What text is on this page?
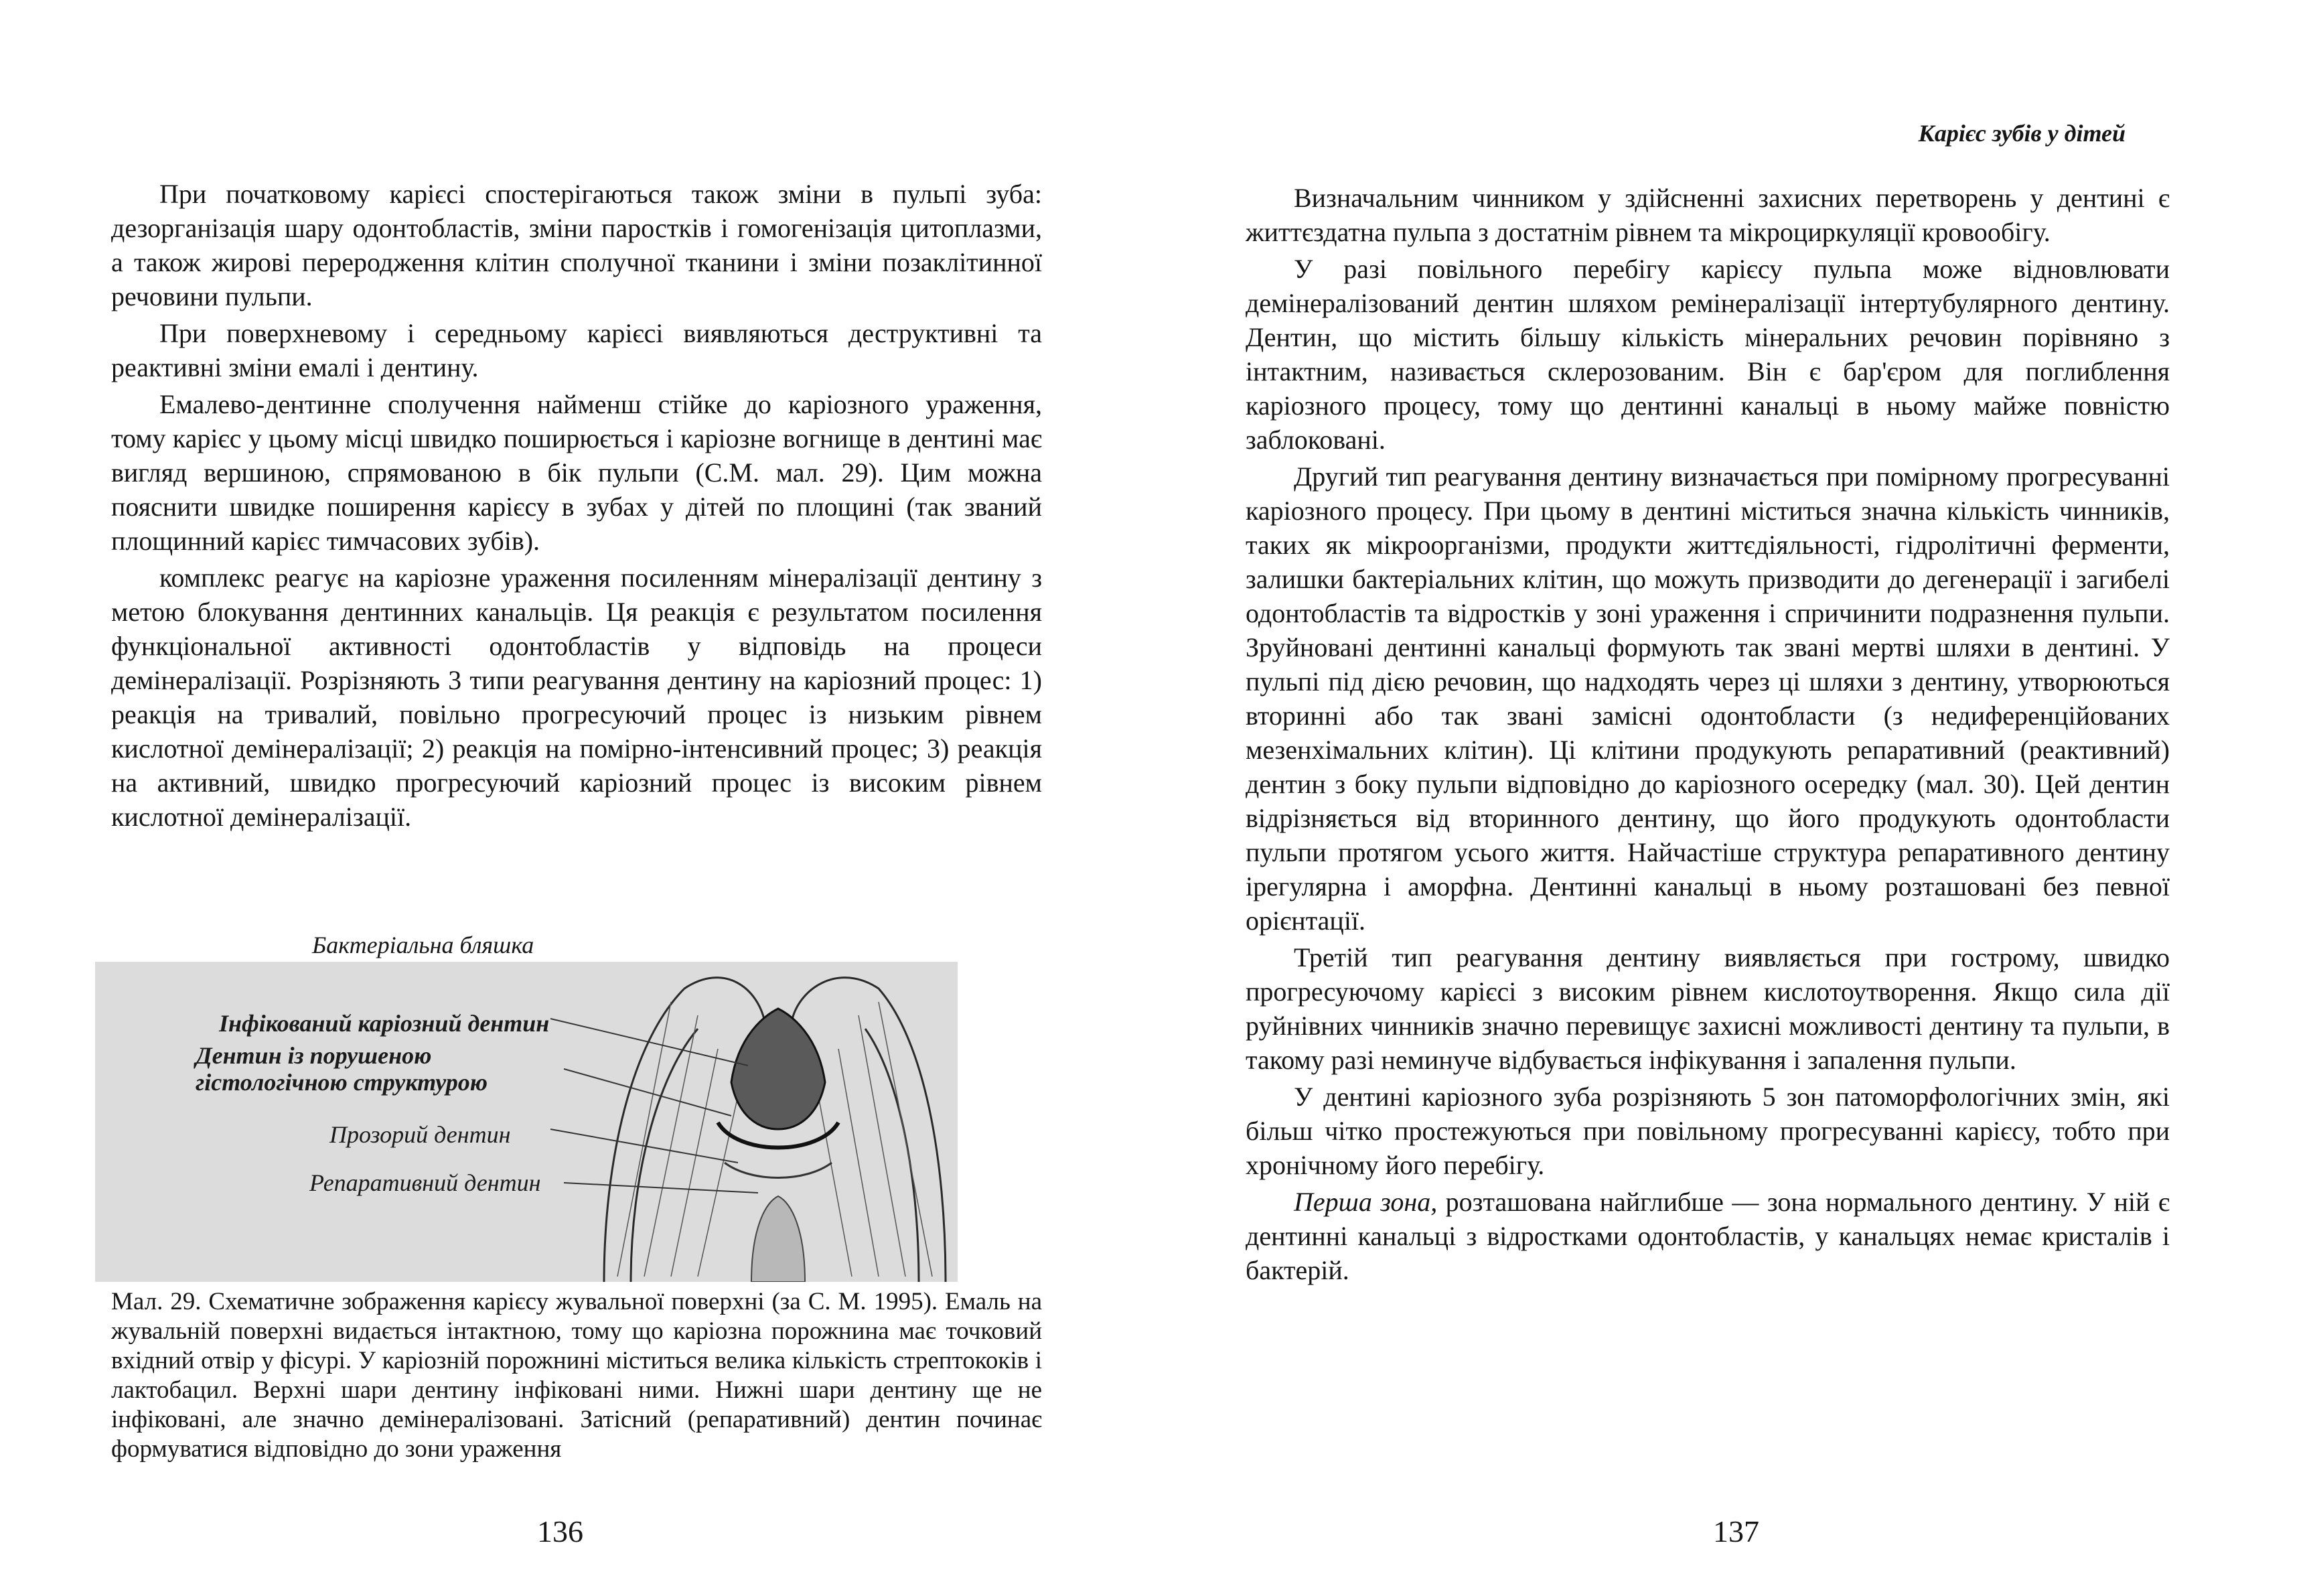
При початковому карієсі спостерігаються також зміни в пульпі зуба: дезорганізація шару одонтобластів, зміни паростків і гомогенізація цитоплазми, а також жирові переродження клітин сполучної тканини і зміни позаклітинної речовини пульпи.

При поверхневому і середньому карієсі виявляються деструктивні та реактивні зміни емалі і дентину.

Емалево-дентинне сполучення найменш стійке до каріозного ураження, тому карієс у цьому місці швидко поширюється і каріозне вогнище в дентині має вигляд вершиною, спрямованою в бік пульпи (С.М. мал. 29). Цим можна пояснити швидке поширення карієсу в зубах у дітей по площині (так званий площинний карієс тимчасових зубів).

комплекс реагує на каріозне ураження посиленням мінералізації дентину з метою блокування дентинних канальців. Ця реакція є результатом посилення функціональної активності одонтобластів у відповідь на процеси демінералізації. Розрізняють 3 типи реагування дентину на каріозний процес: 1) реакція на тривалий, повільно прогресуючий процес із низьким рівнем кислотної демінералізації; 2) реакція на помірно-інтенсивний процес; 3) реакція на активний, швидко прогресуючий каріозний процес із високим рівнем кислотної демінералізації.

Бактеріальна бляшка
Інфікований каріозний дентин
Дентин із порушеною гістологічною структурою
Прозорий дентин
Репаративний дентин
Мал. 29. Схематичне зображення карієсу жувальної поверхні (за С. М. 1995). Емаль на жувальній поверхні видається інтактною, тому що каріозна порожнина має точковий вхідний отвір у фісурі. У каріозній порожнині міститься велика кількість стрептококів і лактобацил. Верхні шари дентину інфіковані ними. Нижні шари дентину ще не інфіковані, але значно демінералізовані. Затісний (репаративний) дентин починає формуватися відповідно до зони ураження
136
Карієс зубів у дітей

Визначальним чинником у здійсненні захисних перетворень у дентині є життєздатна пульпа з достатнім рівнем та мікроциркуляції кровообігу.

У разі повільного перебігу карієсу пульпа може відновлювати демінералізований дентин шляхом ремінералізації інтертубулярного дентину. Дентин, що містить більшу кількість мінеральних речовин порівняно з інтактним, називається склерозованим. Він є бар'єром для поглиблення каріозного процесу, тому що дентинні канальці в ньому майже повністю заблоковані.

Другий тип реагування дентину визначається при помірному прогресуванні каріозного процесу. При цьому в дентині міститься значна кількість чинників, таких як мікроорганізми, продукти життєдіяльності, гідролітичні ферменти, залишки бактеріальних клітин, що можуть призводити до дегенерації і загибелі одонтобластів та відростків у зоні ураження і спричинити подразнення пульпи. Зруйновані дентинні канальці формують так звані мертві шляхи в дентині. У пульпі під дією речовин, що надходять через ці шляхи з дентину, утворюються вторинні або так звані замісні одонтобласти (з недиференційованих мезенхімальних клітин). Ці клітини продукують репаративний (реактивний) дентин з боку пульпи відповідно до каріозного осередку (мал. 30). Цей дентин відрізняється від вторинного дентину, що його продукують одонтобласти пульпи протягом усього життя. Найчастіше структура репаративного дентину ірегулярна і аморфна. Дентинні канальці в ньому розташовані без певної орієнтації.

Третій тип реагування дентину виявляється при гострому, швидко прогресуючому карієсі з високим рівнем кислотоутворення. Якщо сила дії руйнівних чинників значно перевищує захисні можливості дентину та пульпи, в такому разі неминуче відбувається інфікування і запалення пульпи.

У дентині каріозного зуба розрізняють 5 зон патоморфологічних змін, які більш чітко простежуються при повільному прогресуванні карієсу, тобто при хронічному його перебігу.

Перша зона, розташована найглибше — зона нормального дентину. У ній є дентинні канальці з відростками одонтобластів, у канальцях немає кристалів і бактерій.

137
